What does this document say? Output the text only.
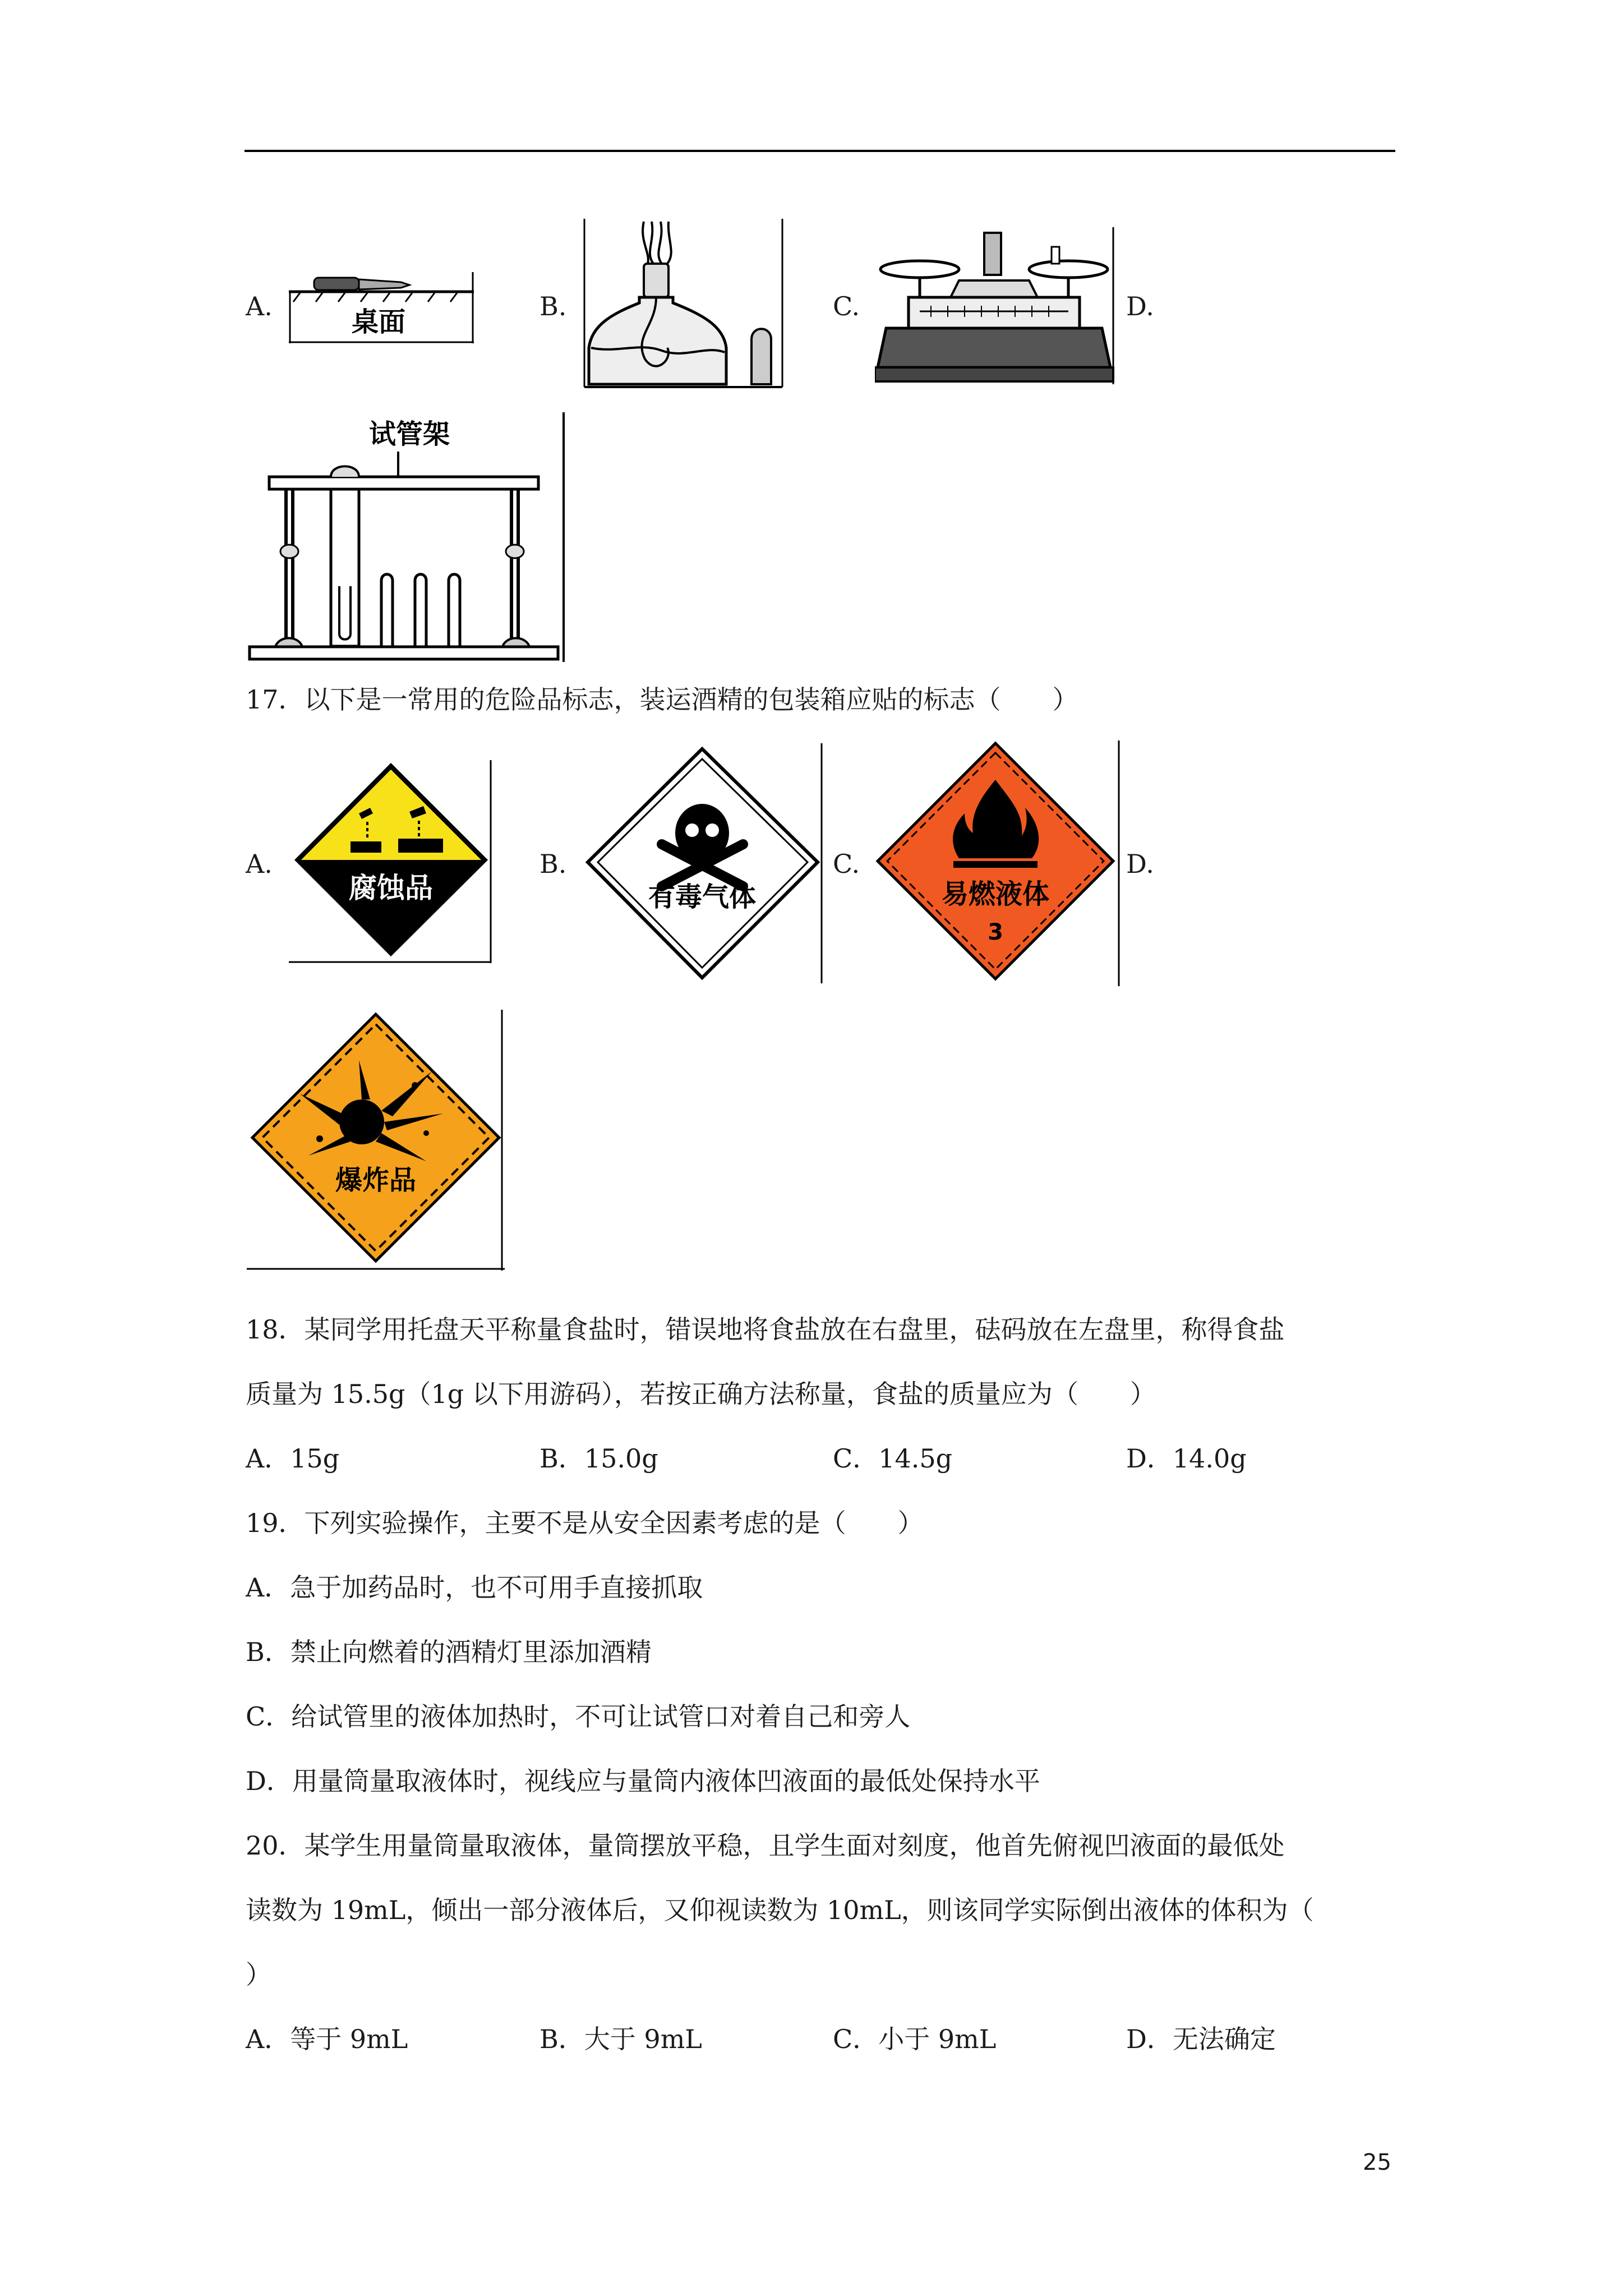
A.	桌面	B.	C.	D.
试管架
17．以下是一常用的危险品标志，装运酒精的包装箱应贴的标志（　　）
A.
腐蚀品
B.
有毒气体
C.
易燃液体
3
D.
爆炸品
18．某同学用托盘天平称量食盐时，错误地将食盐放在右盘里，砝码放在左盘里，称得食盐
质量为 15.5g（1g 以下用游码），若按正确方法称量，食盐的质量应为（　　）
A．15g	B．15.0g	C．14.5g	D．14.0g
19．下列实验操作，主要不是从安全因素考虑的是（　　）
A．急于加药品时，也不可用手直接抓取
B．禁止向燃着的酒精灯里添加酒精
C．给试管里的液体加热时，不可让试管口对着自己和旁人
D．用量筒量取液体时，视线应与量筒内液体凹液面的最低处保持水平
20．某学生用量筒量取液体，量筒摆放平稳，且学生面对刻度，他首先俯视凹液面的最低处
读数为 19mL，倾出一部分液体后，又仰视读数为 10mL，则该同学实际倒出液体的体积为（
）
A．等于 9mL	B．大于 9mL	C．小于 9mL	D．无法确定
25
